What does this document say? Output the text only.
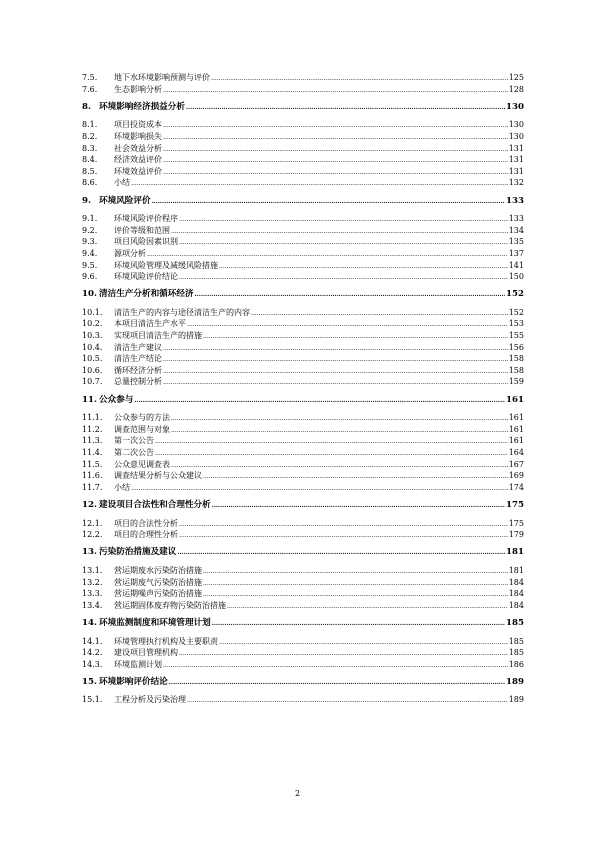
7.5.	地下水环境影响预测与评价 .....	125
7.6.	生态影响分析 .....	128
8. 环境影响经济损益分析 .....	130
8.1.	项目投资成本 .....	130
8.2.	环境影响损失 .....	130
8.3.	社会效益分析 .....	131
8.4.	经济效益评价 .....	131
8.5.	环境效益评价 .....	131
8.6.	小结 .....	132
9. 环境风险评价 .....	133
9.1.	环境风险评价程序 .....	133
9.2.	评价等级和范围 .....	134
9.3.	项目风险因素识别 .....	135
9.4.	源项分析 .....	137
9.5.	环境风险管理及减缓风险措施 .....	141
9.6.	环境风险评价结论 .....	150
10. 清洁生产分析和循环经济 .....	152
10.1.	清洁生产的内容与途径清洁生产的内容 .....	152
10.2.	本项目清洁生产水平 .....	153
10.3.	实现项目清洁生产的措施 .....	155
10.4.	清洁生产建议 .....	156
10.5.	清洁生产结论 .....	158
10.6.	循环经济分析 .....	158
10.7.	总量控制分析 .....	159
11. 公众参与 .....	161
11.1.	公众参与的方法 .....	161
11.2.	调查范围与对象 .....	161
11.3.	第一次公告 .....	161
11.4.	第二次公告 .....	164
11.5.	公众意见调查表 .....	167
11.6.	调查结果分析与公众建议 .....	169
11.7.	小结 .....	174
12. 建设项目合法性和合理性分析 .....	175
12.1.	项目的合法性分析 .....	175
12.2.	项目的合理性分析 .....	179
13. 污染防治措施及建议 .....	181
13.1.	营运期废水污染防治措施 .....	181
13.2.	营运期废气污染防治措施 .....	184
13.3.	营运期噪声污染防治措施 .....	184
13.4.	营运期固体废弃物污染防治措施 .....	184
14. 环境监测制度和环境管理计划 .....	185
14.1.	环境管理执行机构及主要职责 .....	185
14.2.	建设项目管理机构 .....	185
14.3.	环境监测计划 .....	186
15. 环境影响评价结论 .....	189
15.1.	工程分析及污染治理 .....	189
2
